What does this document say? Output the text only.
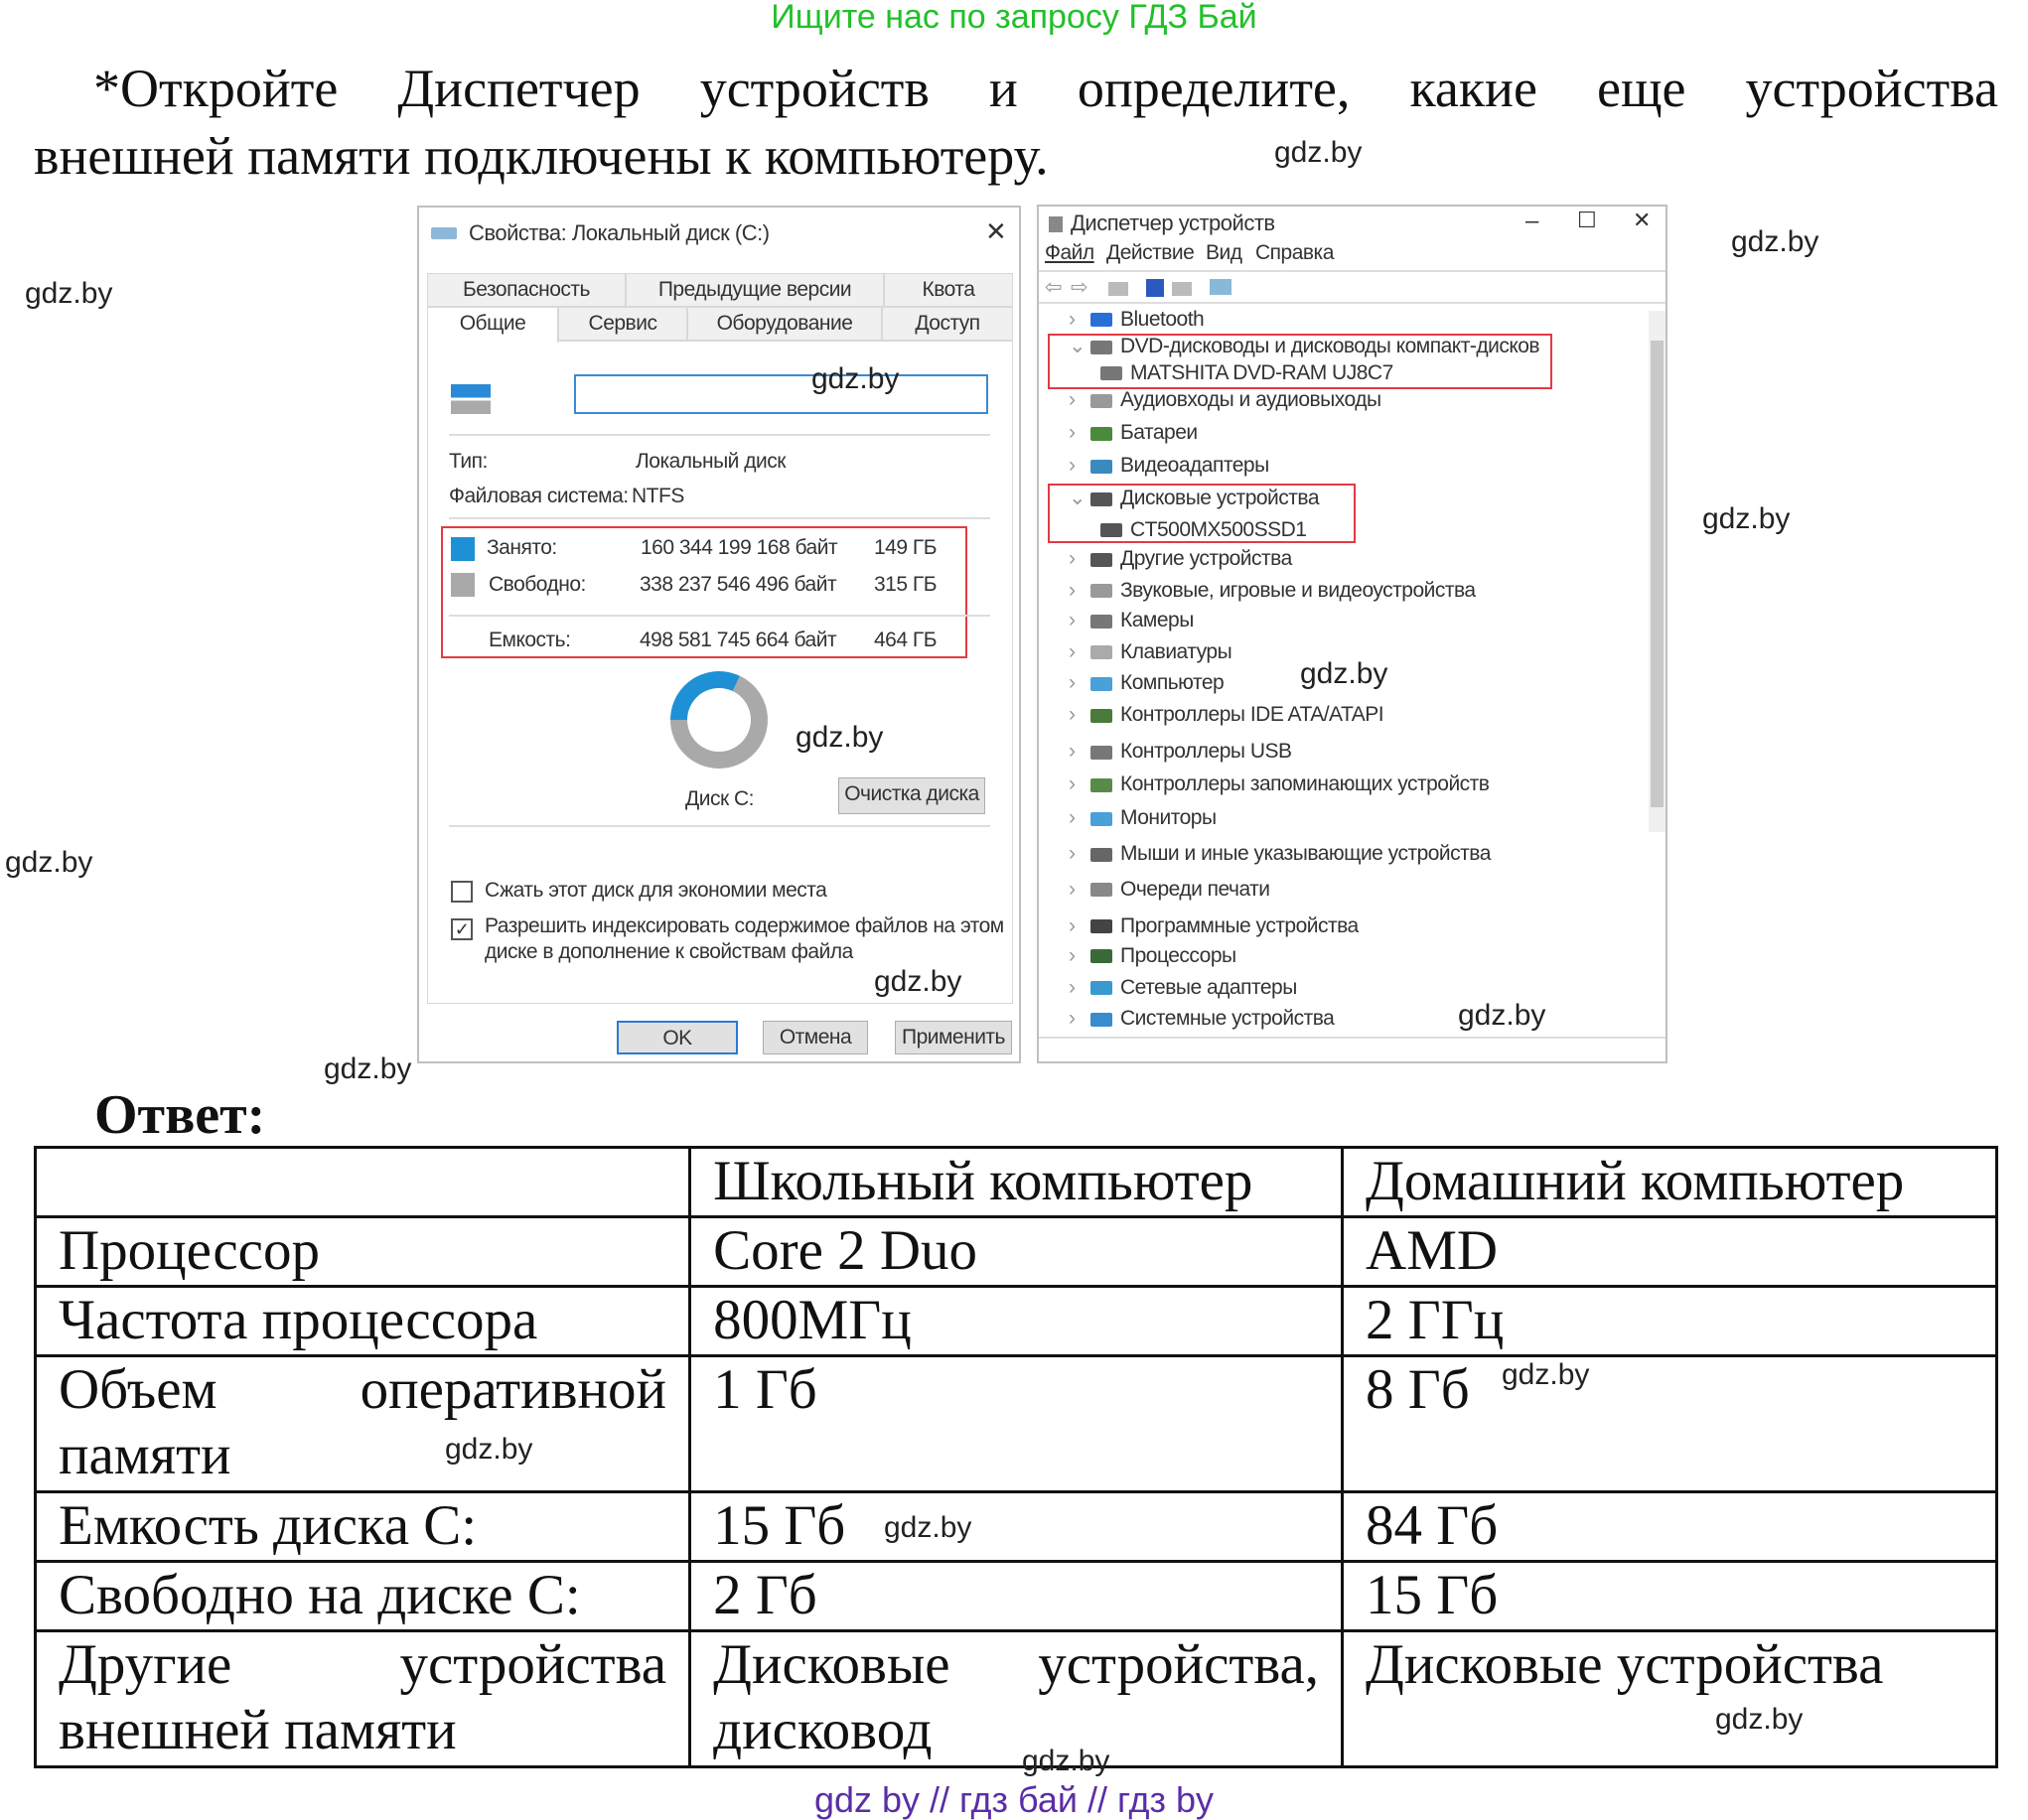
Ищите нас по запросу ГДЗ Бай
*Откройте Диспетчер устройств и определите, какие еще устройства
внешней памяти подключены к компьютеру.
Свойства: Локальный диск (C:)	✕
Безопасность	Предыдущие версии	Квота
Общие	Сервис	Оборудование	Доступ
Тип:	Локальный диск
Файловая система: NTFS
Занято:	160 344 199 168 байт 149 ГБ
Свободно:	338 237 546 496 байт 315 ГБ
Емкость:	498 581 745 664 байт 464 ГБ
Диск C:	Очистка диска
Сжать этот диск для экономии места
✓ Разрешить индексировать содержимое файлов на этом
диске в дополнение к свойствам файла
OK	Отмена	Применить
Диспетчер устройств	– ☐ ✕
Файл Действие Вид Справка
⇦ ⇨
› Bluetooth
⌄ DVD-дисководы и дисководы компакт-дисков
MATSHITA DVD-RAM UJ8C7
› Аудиовходы и аудиовыходы
› Батареи
› Видеоадаптеры
⌄ Дисковые устройства
CT500MX500SSD1
› Другие устройства
› Звуковые, игровые и видеоустройства
› Камеры
› Клавиатуры
› Компьютер
› Контроллеры IDE ATA/ATAPI
› Контроллеры USB
› Контроллеры запоминающих устройств
› Мониторы
› Мыши и иные указывающие устройства
› Очереди печати
› Программные устройства
› Процессоры
› Сетевые адаптеры
› Системные устройства
gdz.by
gdz.by
gdz.by
gdz.by
gdz.by
gdz.by
gdz.by
gdz.by
gdz.by
gdz.by
gdz.by
Ответ:
	Школьный компьютер	Домашний компьютер
Процессор	Core 2 Duo	AMD
Частота процессора	800МГц	2 ГГц
Объем оперативной памяти	1 Гб	8 Гб
Емкость диска С:	15 Гб	84 Гб
Свободно на диске С:	2 Гб	15 Гб
Другие устройства внешней памяти	Дисковые устройства, дисковод	Дисковые устройства
gdz.by
gdz.by
gdz.by
gdz.by
gdz.by
gdz by // гдз бай // гдз by
